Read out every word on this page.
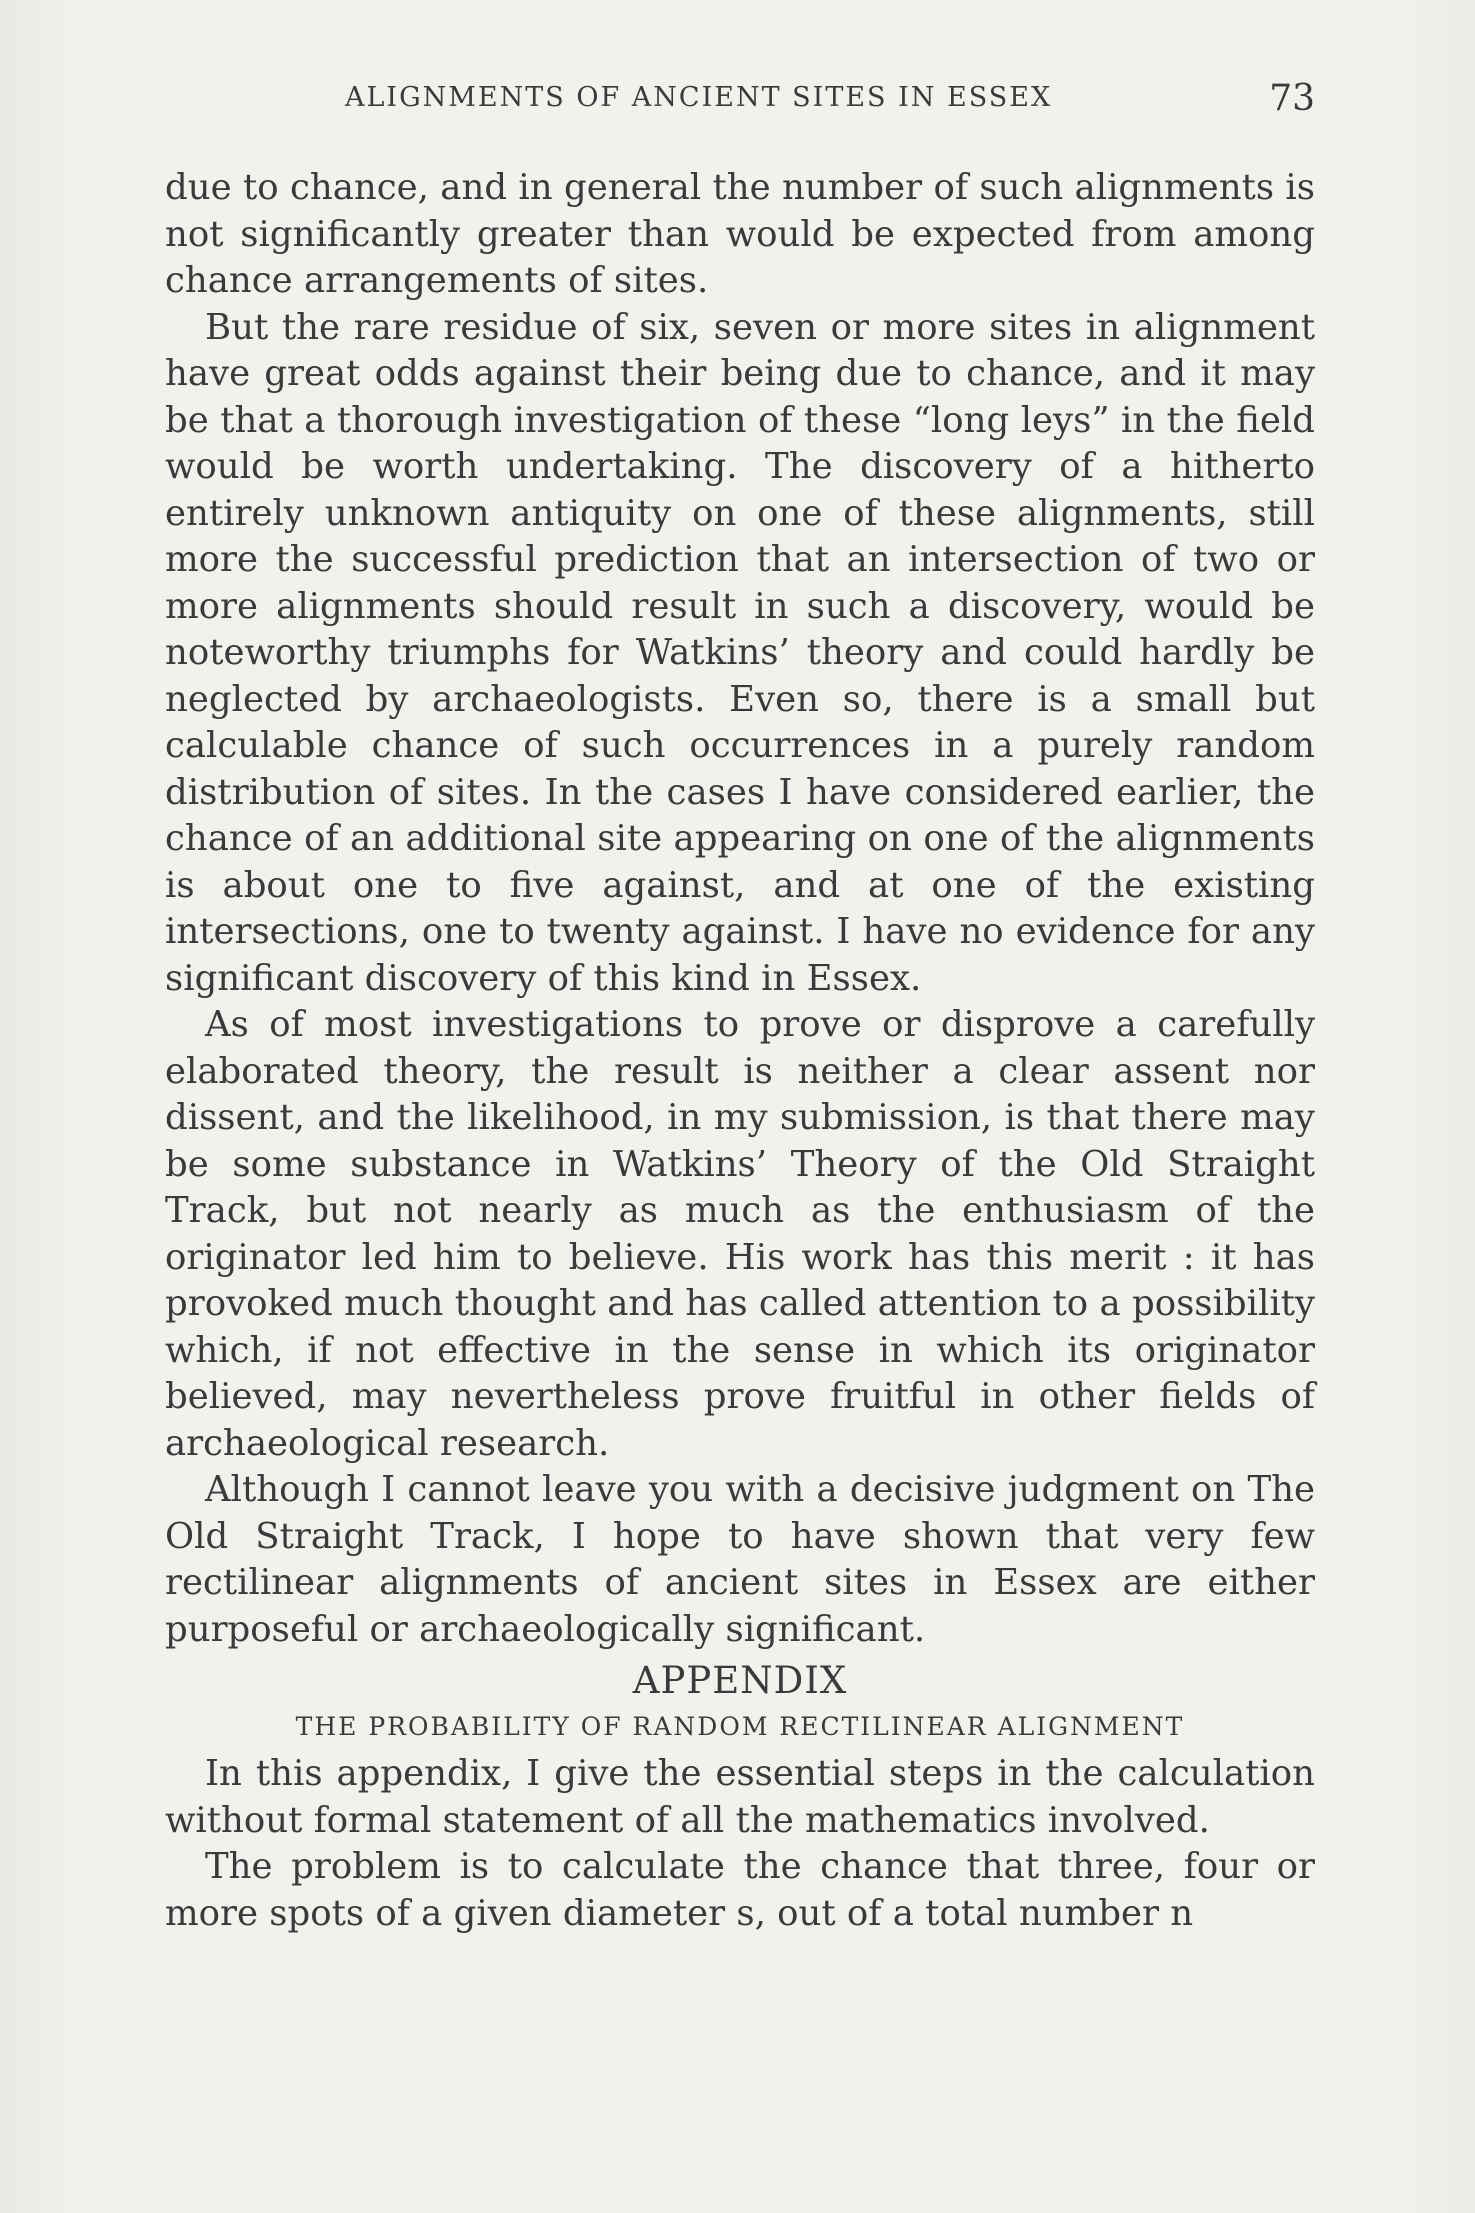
ALIGNMENTS OF ANCIENT SITES IN ESSEX	73

due to chance, and in general the number of such alignments is not significantly greater than would be expected from among chance arrangements of sites.

But the rare residue of six, seven or more sites in alignment have great odds against their being due to chance, and it may be that a thorough investigation of these “long leys” in the field would be worth undertaking. The discovery of a hitherto entirely unknown antiquity on one of these alignments, still more the successful prediction that an intersection of two or more alignments should result in such a discovery, would be noteworthy triumphs for Watkins’ theory and could hardly be neglected by archaeologists. Even so, there is a small but calculable chance of such occurrences in a purely random distribution of sites. In the cases I have considered earlier, the chance of an additional site appearing on one of the alignments is about one to five against, and at one of the existing intersections, one to twenty against. I have no evidence for any significant discovery of this kind in Essex.

As of most investigations to prove or disprove a carefully elaborated theory, the result is neither a clear assent nor dissent, and the likelihood, in my submission, is that there may be some substance in Watkins’ Theory of the Old Straight Track, but not nearly as much as the enthusiasm of the originator led him to believe. His work has this merit : it has provoked much thought and has called attention to a possibility which, if not effective in the sense in which its originator believed, may nevertheless prove fruitful in other fields of archaeological research.

Although I cannot leave you with a decisive judgment on The Old Straight Track, I hope to have shown that very few rectilinear alignments of ancient sites in Essex are either purposeful or archaeologically significant.

APPENDIX
THE PROBABILITY OF RANDOM RECTILINEAR ALIGNMENT

In this appendix, I give the essential steps in the calculation without formal statement of all the mathematics involved.

The problem is to calculate the chance that three, four or more spots of a given diameter s, out of a total number n
